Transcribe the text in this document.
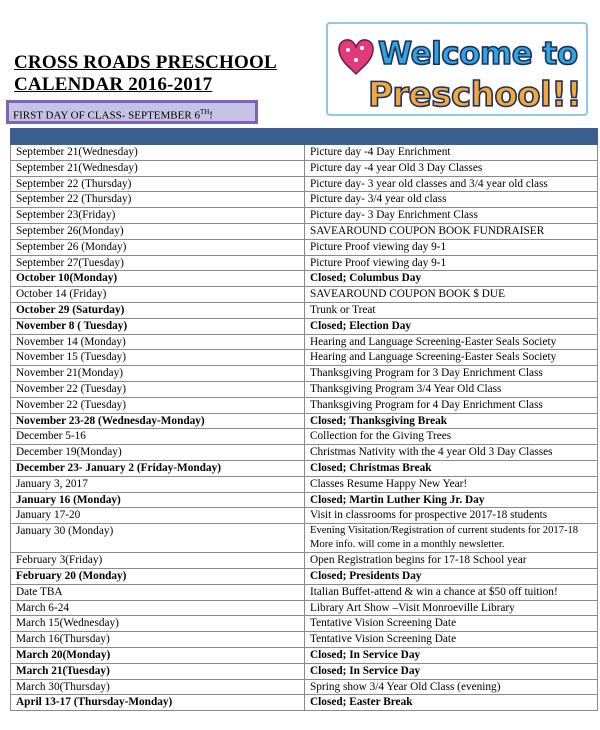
CROSS ROADS PRESCHOOL
CALENDAR 2016-2017
FIRST DAY OF CLASS- SEPTEMBER 6TH!
Welcome to
Preschool!!

September 21(Wednesday)	Picture day -4 Day Enrichment
September 21(Wednesday)	Picture day -4 year Old 3 Day Classes
September 22 (Thursday)	Picture day- 3 year old classes and 3/4 year old class
September 22 (Thursday)	Picture day- 3/4 year old class
September 23(Friday)	Picture day- 3 Day Enrichment Class
September 26(Monday)	SAVEAROUND COUPON BOOK FUNDRAISER
September 26 (Monday)	Picture Proof viewing day 9-1
September 27(Tuesday)	Picture Proof viewing day 9-1
October 10(Monday)	Closed; Columbus Day
October 14 (Friday)	SAVEAROUND COUPON BOOK $ DUE
October 29 (Saturday)	Trunk or Treat
November 8 ( Tuesday)	Closed; Election Day
November 14 (Monday)	Hearing and Language Screening-Easter Seals Society
November 15 (Tuesday)	Hearing and Language Screening-Easter Seals Society
November 21(Monday)	Thanksgiving Program for 3 Day Enrichment Class
November 22 (Tuesday)	Thanksgiving Program 3/4 Year Old Class
November 22 (Tuesday)	Thanksgiving Program for 4 Day Enrichment Class
November 23-28 (Wednesday-Monday)	Closed; Thanksgiving Break
December 5-16	Collection for the Giving Trees
December 19(Monday)	Christmas Nativity with the 4 year Old 3 Day Classes
December 23- January 2 (Friday-Monday)	Closed; Christmas Break
January 3, 2017	Classes Resume Happy New Year!
January 16 (Monday)	Closed; Martin Luther King Jr. Day
January 17-20	Visit in classrooms for prospective 2017-18 students
January 30 (Monday)	Evening Visitation/Registration of current students for 2017-18 More info. will come in a monthly newsletter.
February 3(Friday)	Open Registration begins for 17-18 School year
February 20 (Monday)	Closed; Presidents Day
Date TBA	Italian Buffet-attend & win a chance at $50 off tuition!
March 6-24	Library Art Show –Visit Monroeville Library
March 15(Wednesday)	Tentative Vision Screening Date
March 16(Thursday)	Tentative Vision Screening Date
March 20(Monday)	Closed; In Service Day
March 21(Tuesday)	Closed; In Service Day
March 30(Thursday)	Spring show 3/4 Year Old Class (evening)
April 13-17 (Thursday-Monday)	Closed; Easter Break
